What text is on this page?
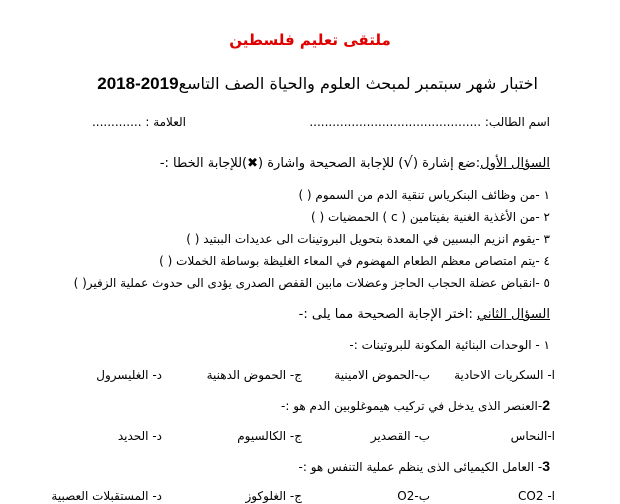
ملتقى تعليم فلسطين
اختبار شهر سبتمبر لمبحث العلوم والحياة الصف التاسع2018-2019
اسم الطالب: .............................................
العلامة : .............
السؤال الأول:ضع إشارة (√) للإجابة الصحيحة واشارة (✖)للإجابة الخطا :-
١ -من وظائف البنكرياس تنقية الدم من السموم ( )
٢ -من الأغذية الغنية بفيتامين ( c ) الحمضيات ( )
٣ -يقوم انزيم البسبين في المعدة بتحويل البروتينات الى عديدات الببتيد ( )
٤ -يتم امتصاص معظم الطعام المهضوم في المعاء الغليظة بوساطة الخملات ( )
٥ -انقباض عضلة الحجاب الحاجز وعضلات مابين القفص الصدرى يؤدى الى حدوث عملية الزفير( )
السؤال الثاني :اختر الإجابة الصحيحة مما يلى :-
١ - الوحدات البنائية المكونة للبروتينات :-
ا- السكريات الاحادية
ب-الحموض الامينية
ج- الحموض الدهنية
د- الغليسرول
2-العنصر الذى يدخل في تركيب هيموغلوبين الدم هو :-
ا-النحاس
ب- القصدير
ج- الكالسيوم
د- الحديد
3- العامل الكيميائى الذى ينظم عملية التنفس هو :-
ا- CO2
ب-O2
ج- الغلوكوز
د- المستقبلات العصبية
